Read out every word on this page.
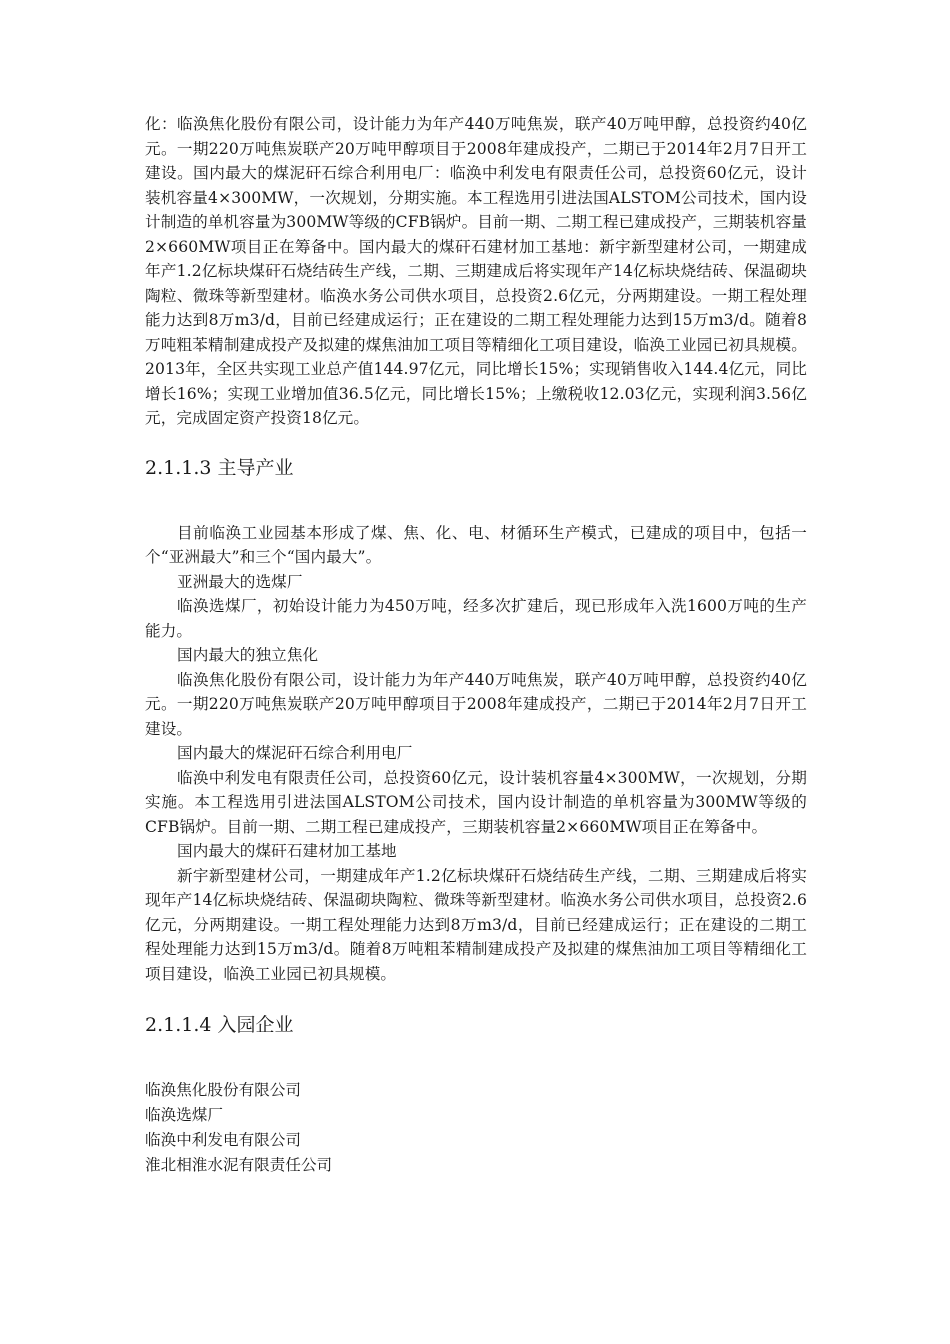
化：临涣焦化股份有限公司，设计能力为年产440万吨焦炭，联产40万吨甲醇，总投资约40亿元。一期220万吨焦炭联产20万吨甲醇项目于2008年建成投产，二期已于2014年2月7日开工建设。国内最大的煤泥矸石综合利用电厂：临涣中利发电有限责任公司，总投资60亿元，设计装机容量4×300MW，一次规划，分期实施。本工程选用引进法国ALSTOM公司技术，国内设计制造的单机容量为300MW等级的CFB锅炉。目前一期、二期工程已建成投产，三期装机容量2×660MW项目正在筹备中。国内最大的煤矸石建材加工基地：新宇新型建材公司，一期建成年产1.2亿标块煤矸石烧结砖生产线，二期、三期建成后将实现年产14亿标块烧结砖、保温砌块陶粒、微珠等新型建材。临涣水务公司供水项目，总投资2.6亿元，分两期建设。一期工程处理能力达到8万m3/d，目前已经建成运行；正在建设的二期工程处理能力达到15万m3/d。随着8万吨粗苯精制建成投产及拟建的煤焦油加工项目等精细化工项目建设，临涣工业园已初具规模。2013年，全区共实现工业总产值144.97亿元，同比增长15%；实现销售收入144.4亿元，同比增长16%；实现工业增加值36.5亿元，同比增长15%；上缴税收12.03亿元，实现利润3.56亿元，完成固定资产投资18亿元。

2.1.1.3 主导产业

目前临涣工业园基本形成了煤、焦、化、电、材循环生产模式，已建成的项目中，包括一个“亚洲最大”和三个“国内最大”。

亚洲最大的选煤厂

临涣选煤厂，初始设计能力为450万吨，经多次扩建后，现已形成年入洗1600万吨的生产能力。

国内最大的独立焦化

临涣焦化股份有限公司，设计能力为年产440万吨焦炭，联产40万吨甲醇，总投资约40亿元。一期220万吨焦炭联产20万吨甲醇项目于2008年建成投产，二期已于2014年2月7日开工建设。

国内最大的煤泥矸石综合利用电厂

临涣中利发电有限责任公司，总投资60亿元，设计装机容量4×300MW，一次规划，分期实施。本工程选用引进法国ALSTOM公司技术，国内设计制造的单机容量为300MW等级的CFB锅炉。目前一期、二期工程已建成投产，三期装机容量2×660MW项目正在筹备中。

国内最大的煤矸石建材加工基地

新宇新型建材公司，一期建成年产1.2亿标块煤矸石烧结砖生产线，二期、三期建成后将实现年产14亿标块烧结砖、保温砌块陶粒、微珠等新型建材。临涣水务公司供水项目，总投资2.6亿元，分两期建设。一期工程处理能力达到8万m3/d，目前已经建成运行；正在建设的二期工程处理能力达到15万m3/d。随着8万吨粗苯精制建成投产及拟建的煤焦油加工项目等精细化工项目建设，临涣工业园已初具规模。

2.1.1.4 入园企业

临涣焦化股份有限公司

临涣选煤厂

临涣中利发电有限公司

淮北相淮水泥有限责任公司
